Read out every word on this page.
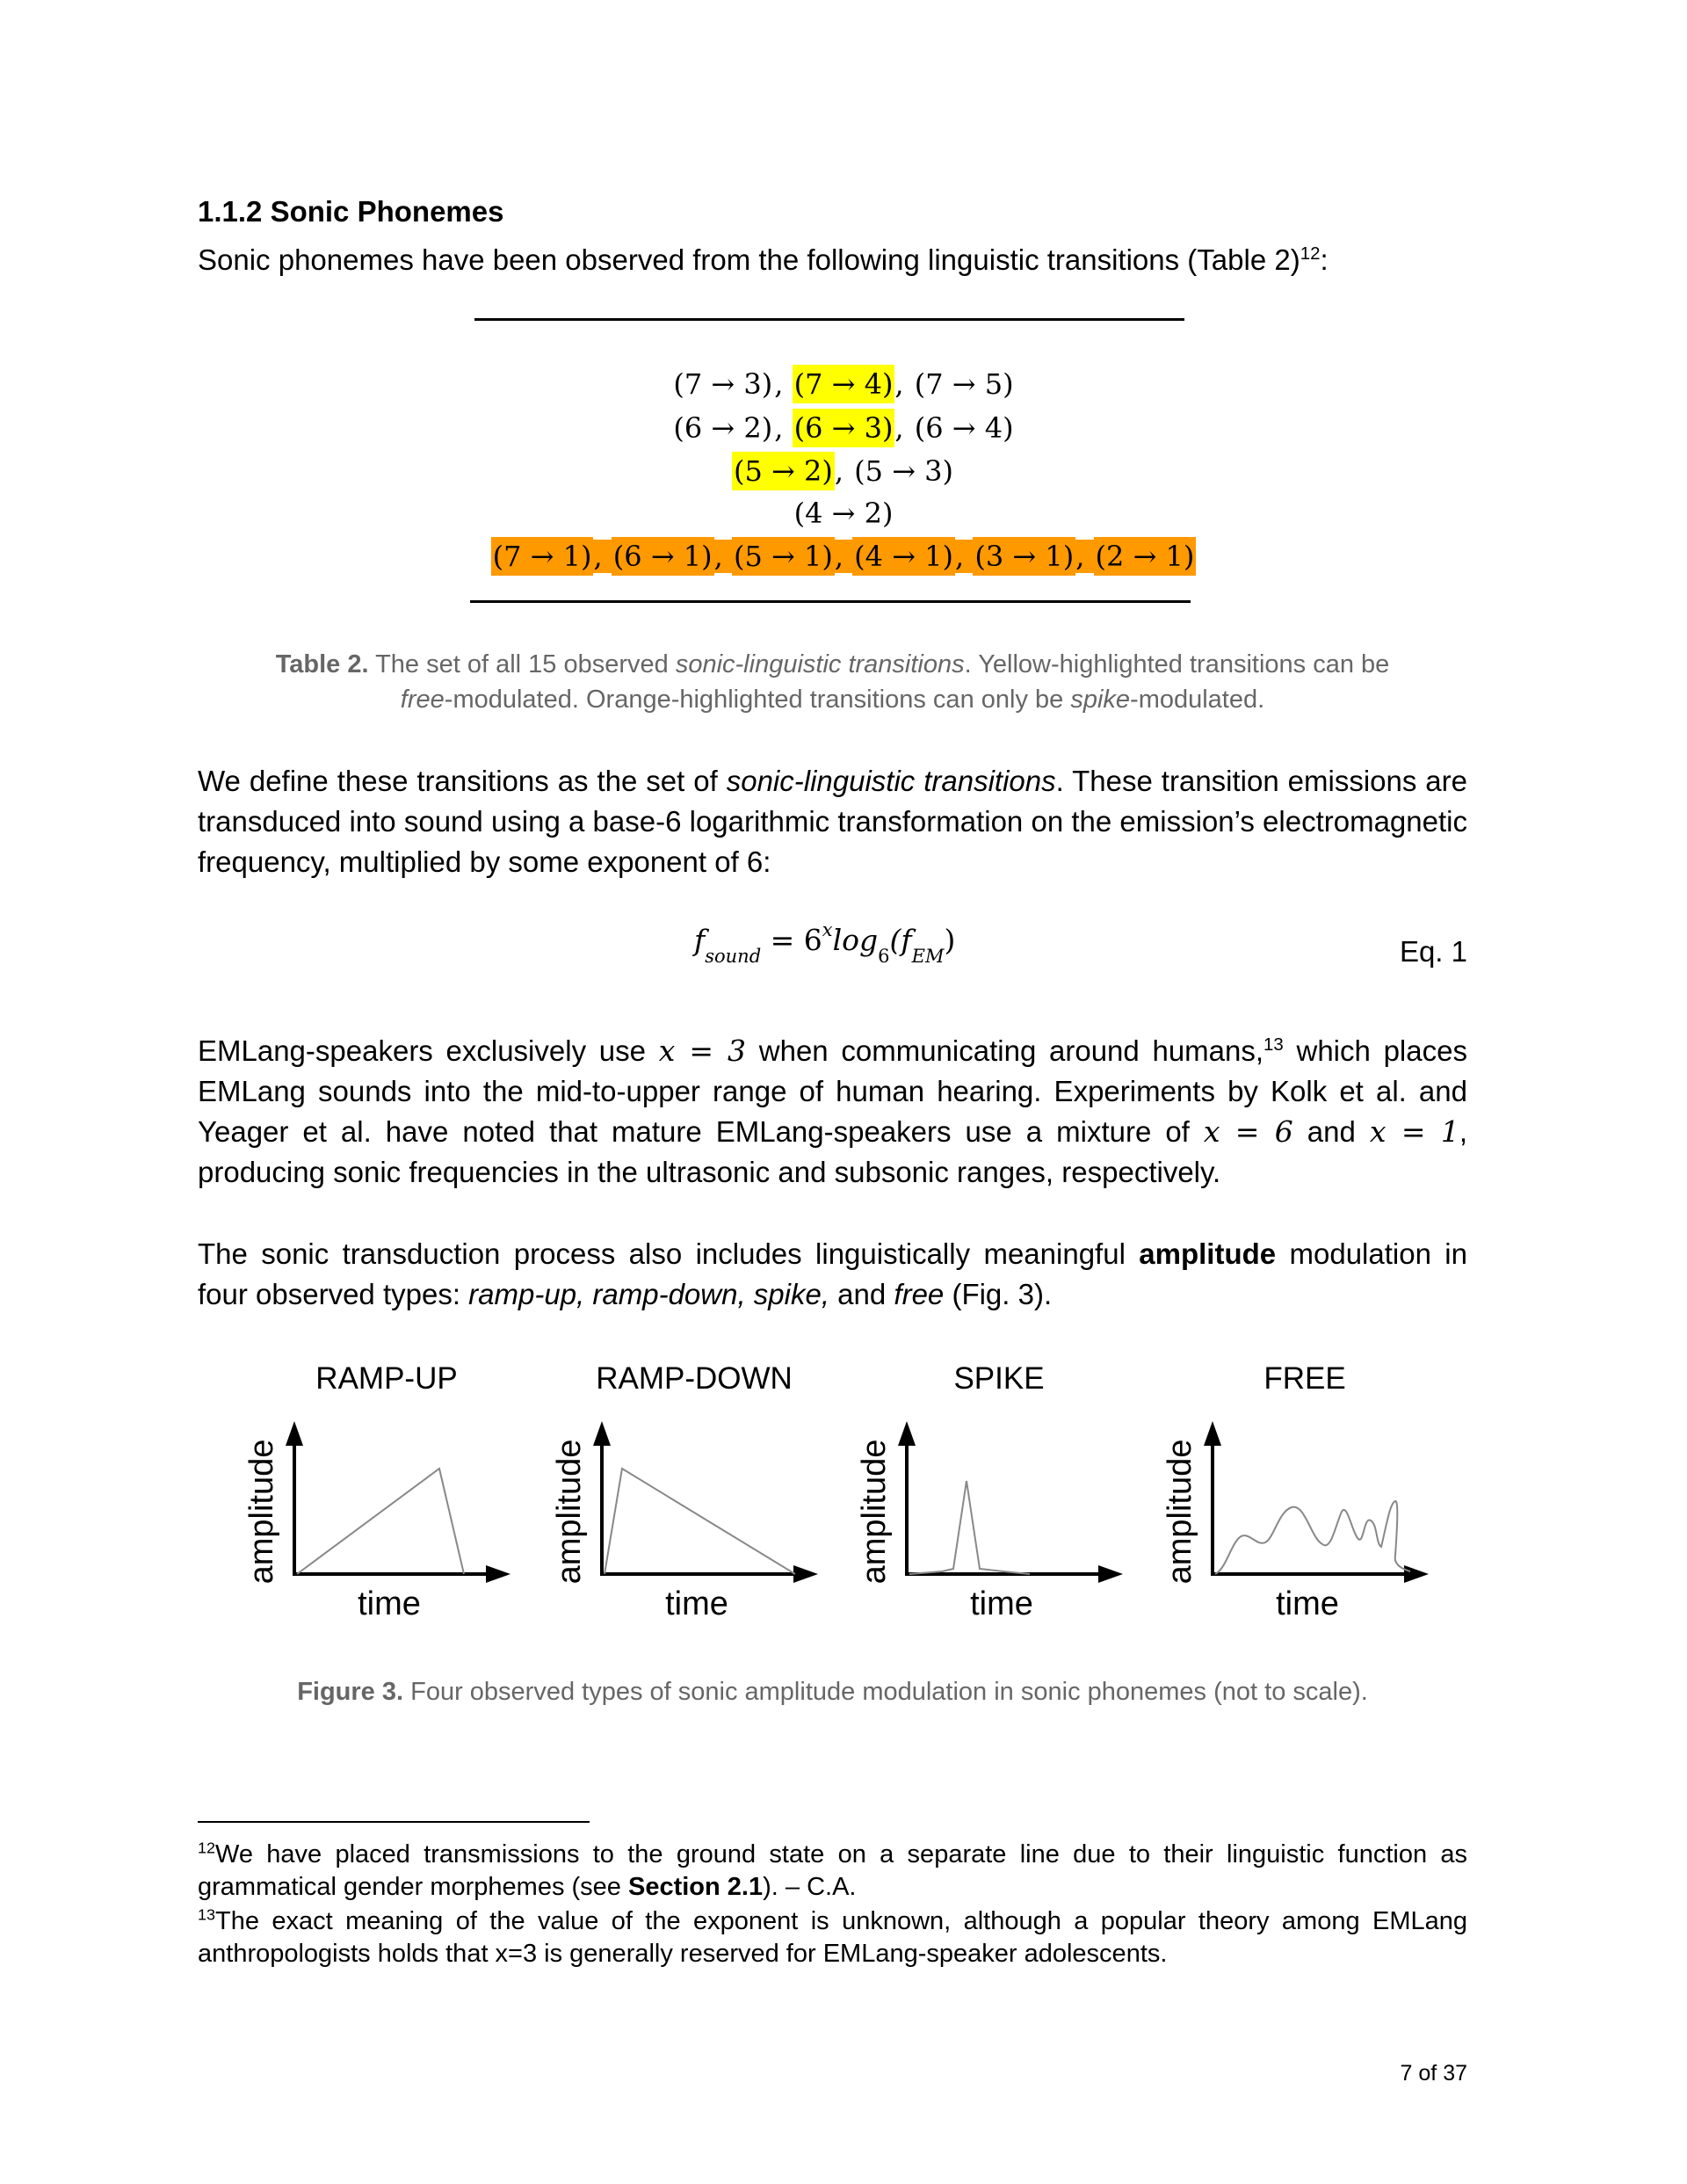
1.1.2 Sonic Phonemes
Sonic phonemes have been observed from the following linguistic transitions (Table 2)$^{12}$:
(7 → 3), (7 → 4), (7 → 5)
(6 → 2), (6 → 3), (6 → 4)
(5 → 2), (5 → 3)
(4 → 2)
(7 → 1), (6 → 1), (5 → 1), (4 → 1), (3 → 1), (2 → 1)
Table 2. The set of all 15 observed sonic-linguistic transitions. Yellow-highlighted transitions can be
free-modulated. Orange-highlighted transitions can only be spike-modulated.
We define these transitions as the set of sonic-linguistic transitions. These transition emissions are transduced into sound using a base-6 logarithmic transformation on the emission’s electromagnetic frequency, multiplied by some exponent of 6:
$f_{sound} = 6^x\log_6(f_{EM})$	Eq. 1
EMLang-speakers exclusively use x = 3 when communicating around humans,$^{13}$ which places EMLang sounds into the mid-to-upper range of human hearing. Experiments by Kolk et al. and Yeager et al. have noted that mature EMLang-speakers use a mixture of x = 6 and x = 1, producing sonic frequencies in the ultrasonic and subsonic ranges, respectively.
The sonic transduction process also includes linguistically meaningful amplitude modulation in four observed types: ramp-up, ramp-down, spike, and free (Fig. 3).
RAMP-UP
amplitude
time
RAMP-DOWN
amplitude
time
SPIKE
amplitude
time
FREE
amplitude
time
Figure 3. Four observed types of sonic amplitude modulation in sonic phonemes (not to scale).
$^{12}$We have placed transmissions to the ground state on a separate line due to their linguistic function as grammatical gender morphemes (see Section 2.1). – C.A.
$^{13}$The exact meaning of the value of the exponent is unknown, although a popular theory among EMLang anthropologists holds that x=3 is generally reserved for EMLang-speaker adolescents.
7 of 37
